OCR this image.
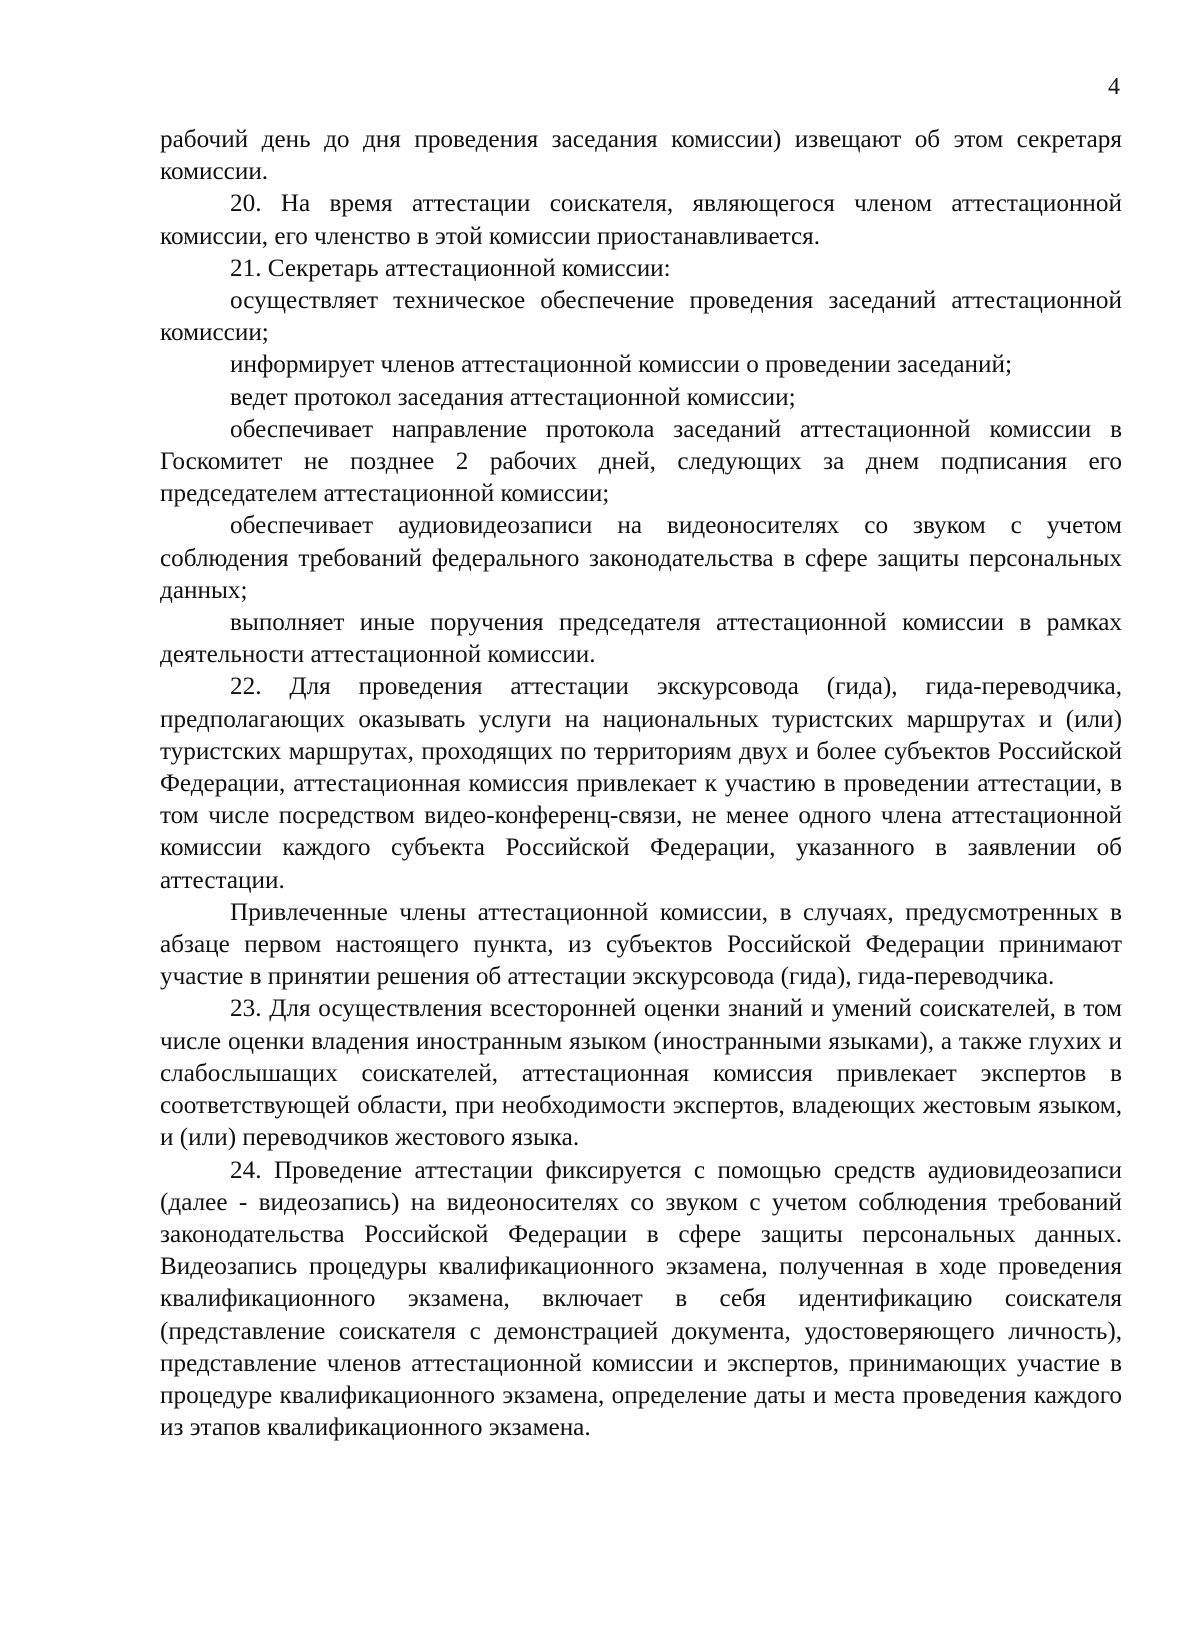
4

рабочий день до дня проведения заседания комиссии) извещают об этом секретаря комиссии.

20. На время аттестации соискателя, являющегося членом аттестационной комиссии, его членство в этой комиссии приостанавливается.

21. Секретарь аттестационной комиссии:

осуществляет техническое обеспечение проведения заседаний аттестационной комиссии;

информирует членов аттестационной комиссии о проведении заседаний;

ведет протокол заседания аттестационной комиссии;

обеспечивает направление протокола заседаний аттестационной комиссии в Госкомитет не позднее 2 рабочих дней, следующих за днем подписания его председателем аттестационной комиссии;

обеспечивает аудиовидеозаписи на видеоносителях со звуком с учетом соблюдения требований федерального законодательства в сфере защиты персональных данных;

выполняет иные поручения председателя аттестационной комиссии в рамках деятельности аттестационной комиссии.

22. Для проведения аттестации экскурсовода (гида), гида-переводчика, предполагающих оказывать услуги на национальных туристских маршрутах и (или) туристских маршрутах, проходящих по территориям двух и более субъектов Российской Федерации, аттестационная комиссия привлекает к участию в проведении аттестации, в том числе посредством видео-конференц-связи, не менее одного члена аттестационной комиссии каждого субъекта Российской Федерации, указанного в заявлении об аттестации.

Привлеченные члены аттестационной комиссии, в случаях, предусмотренных в абзаце первом настоящего пункта, из субъектов Российской Федерации принимают участие в принятии решения об аттестации экскурсовода (гида), гида-переводчика.

23. Для осуществления всесторонней оценки знаний и умений соискателей, в том числе оценки владения иностранным языком (иностранными языками), а также глухих и слабослышащих соискателей, аттестационная комиссия привлекает экспертов в соответствующей области, при необходимости экспертов, владеющих жестовым языком, и (или) переводчиков жестового языка.

24. Проведение аттестации фиксируется с помощью средств аудиовидеозаписи (далее - видеозапись) на видеоносителях со звуком с учетом соблюдения требований законодательства Российской Федерации в сфере защиты персональных данных. Видеозапись процедуры квалификационного экзамена, полученная в ходе проведения квалификационного экзамена, включает в себя идентификацию соискателя (представление соискателя с демонстрацией документа, удостоверяющего личность), представление членов аттестационной комиссии и экспертов, принимающих участие в процедуре квалификационного экзамена, определение даты и места проведения каждого из этапов квалификационного экзамена.
